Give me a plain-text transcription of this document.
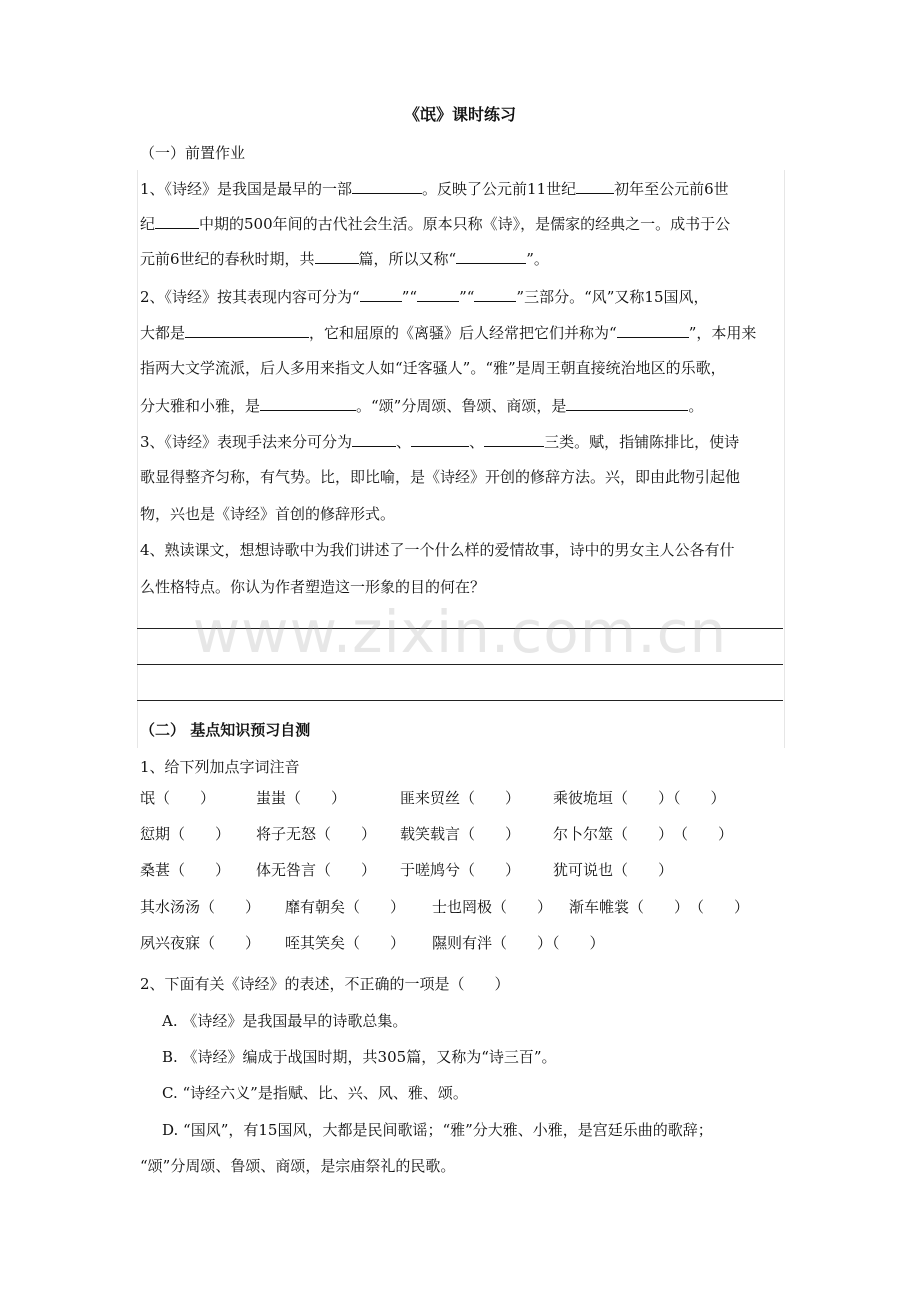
《氓》课时练习
（一）前置作业
1、《诗经》是我国是最早的一部	。反映了公元前11世纪	初年至公元前6世
纪	中期的500年间的古代社会生活。原本只称《诗》，是儒家的经典之一。成书于公
元前6世纪的春秋时期，共	篇，所以又称“	”。
2、《诗经》按其表现内容可分为“	”“	”“	”三部分。“风”又称15国风，
大都是	，它和屈原的《离骚》后人经常把它们并称为“	”，本用来
指两大文学流派，后人多用来指文人如“迁客骚人”。“雅”是周王朝直接统治地区的乐歌，
分大雅和小雅，是	。“颂”分周颂、鲁颂、商颂，是	。
3、《诗经》表现手法来分可分为	、	、	三类。赋，指铺陈排比，使诗
歌显得整齐匀称，有气势。比，即比喻，是《诗经》开创的修辞方法。兴，即由此物引起他
物，兴也是《诗经》首创的修辞形式。
4、熟读课文，想想诗歌中为我们讲述了一个什么样的爱情故事，诗中的男女主人公各有什
么性格特点。你认为作者塑造这一形象的目的何在？
www.zixin.com.cn
（二） 基点知识预习自测
1、给下列加点字词注音
氓（　　）	蚩蚩（　　）	匪来贸丝（　　） 乘彼垝垣（　　）（　　）
愆期（　　） 将子无怒（　　） 载笑载言（　　） 尔卜尔筮（　　）　（　　）
桑葚（　　） 体无咎言（　　） 于嗟鸠兮（　　） 犹可说也（　　）
其水汤汤（　　） 靡有朝矣（　　） 士也罔极（　　） 渐车帷裳（　　）　（　　）
夙兴夜寐（　　） 咥其笑矣（　　） 隰则有泮（　　）（　　）
2、下面有关《诗经》的表述，不正确的一项是（　　）
A. 《诗经》是我国最早的诗歌总集。
B. 《诗经》编成于战国时期，共305篇，又称为“诗三百”。
C. “诗经六义”是指赋、比、兴、风、雅、颂。
D. “国风”，有15国风，大都是民间歌谣；“雅”分大雅、小雅，是宫廷乐曲的歌辞；
“颂”分周颂、鲁颂、商颂，是宗庙祭礼的民歌。
